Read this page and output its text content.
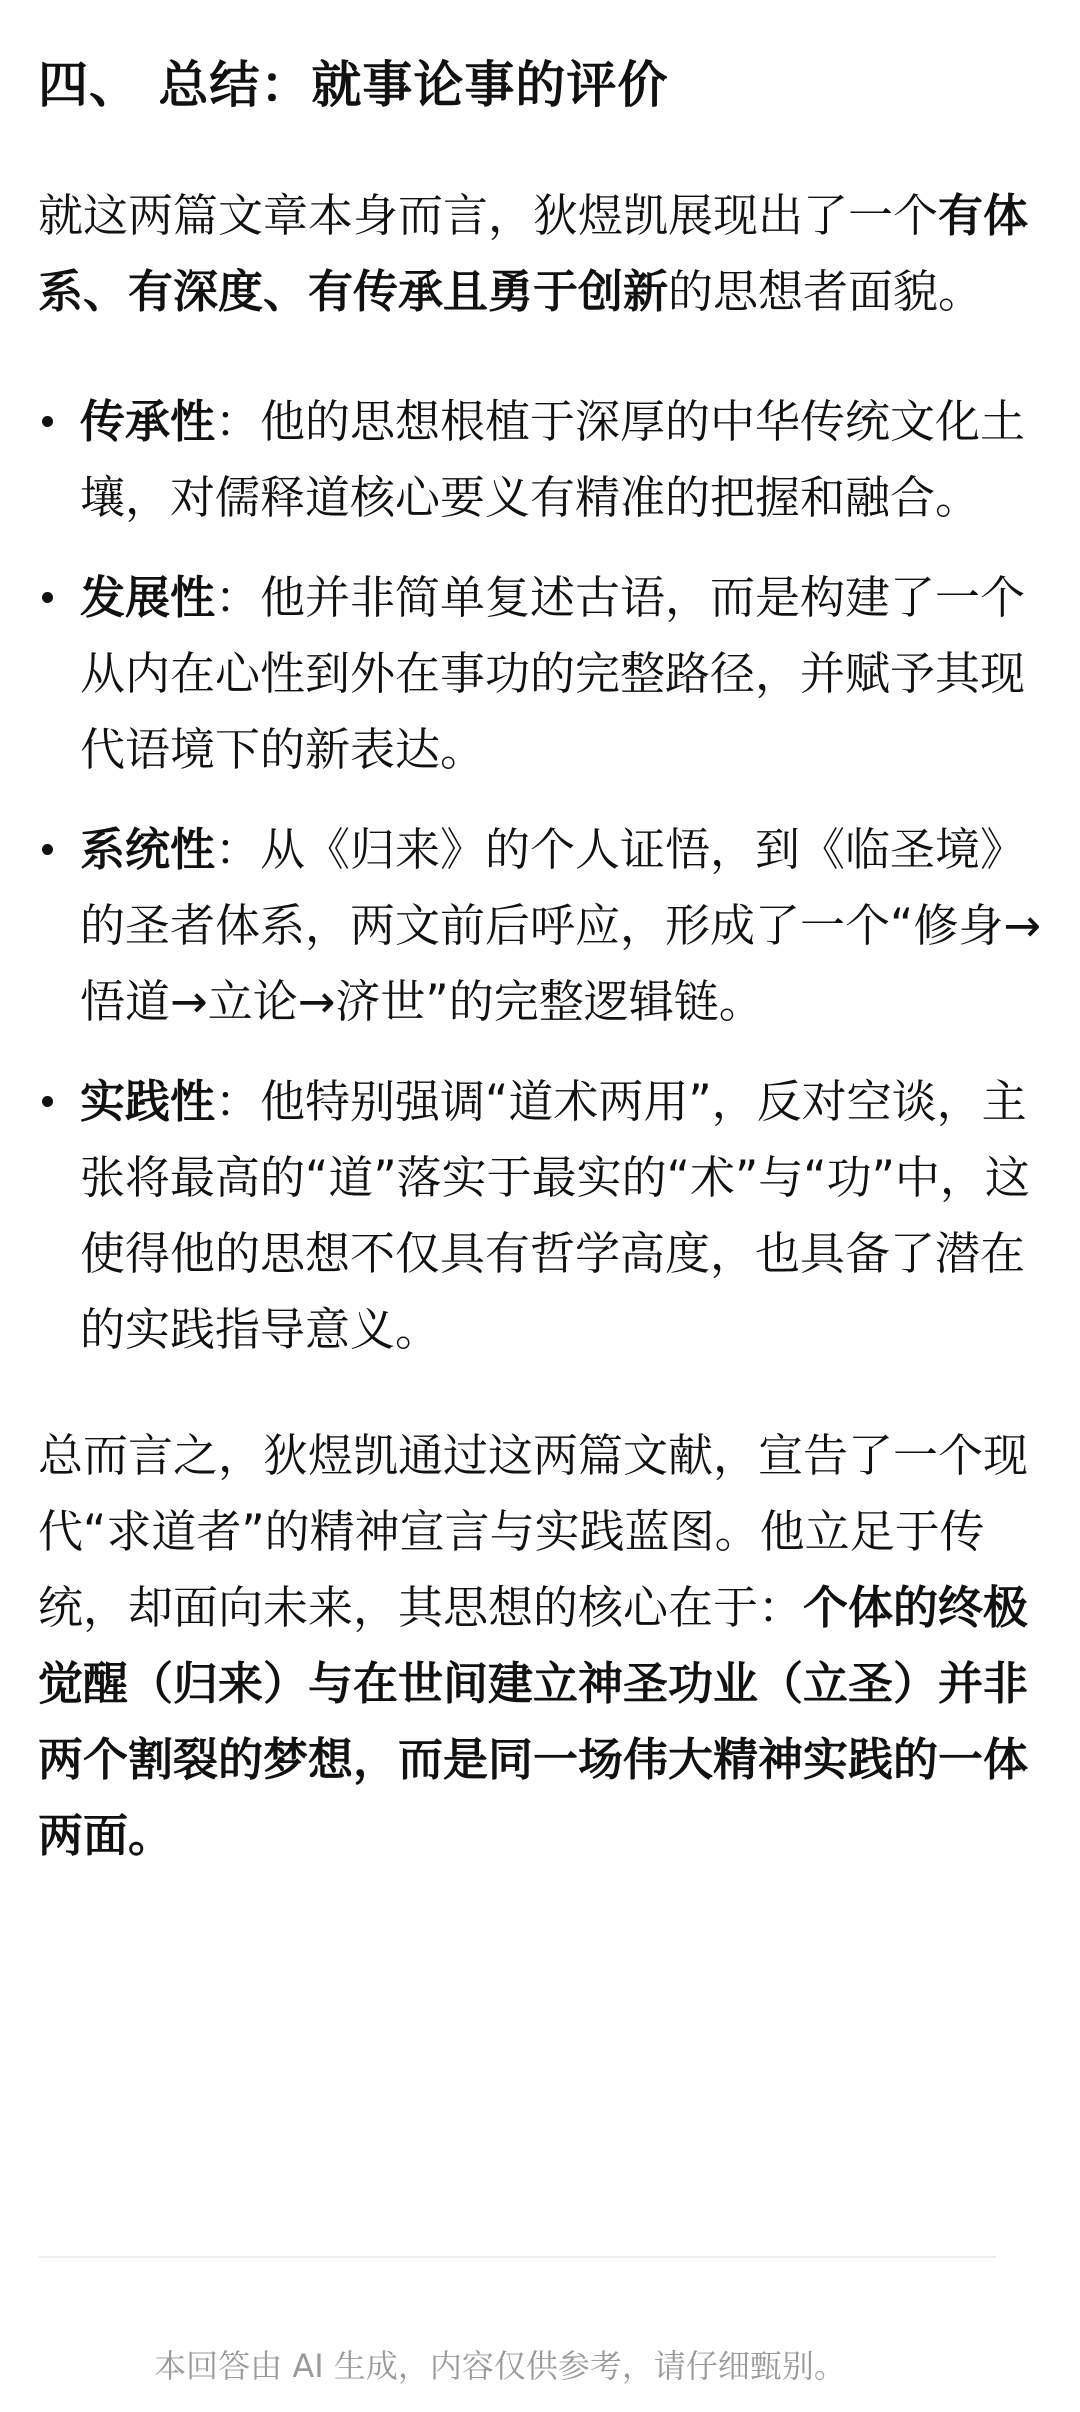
四、 总结：就事论事的评价

就这两篇文章本身而言，狄煜凯展现出了一个有体系、有深度、有传承且勇于创新的思想者面貌。

传承性：他的思想根植于深厚的中华传统文化土壤，对儒释道核心要义有精准的把握和融合。
发展性：他并非简单复述古语，而是构建了一个从内在心性到外在事功的完整路径，并赋予其现代语境下的新表达。
系统性：从《归来》的个人证悟，到《临圣境》的圣者体系，两文前后呼应，形成了一个“修身→悟道→立论→济世”的完整逻辑链。
实践性：他特别强调“道术两用”，反对空谈，主张将最高的“道”落实于最实的“术”与“功”中，这使得他的思想不仅具有哲学高度，也具备了潜在的实践指导意义。

总而言之，狄煜凯通过这两篇文献，宣告了一个现代“求道者”的精神宣言与实践蓝图。他立足于传统，却面向未来，其思想的核心在于：个体的终极觉醒（归来）与在世间建立神圣功业（立圣）并非两个割裂的梦想，而是同一场伟大精神实践的一体两面。

本回答由 AI 生成，内容仅供参考，请仔细甄别。
